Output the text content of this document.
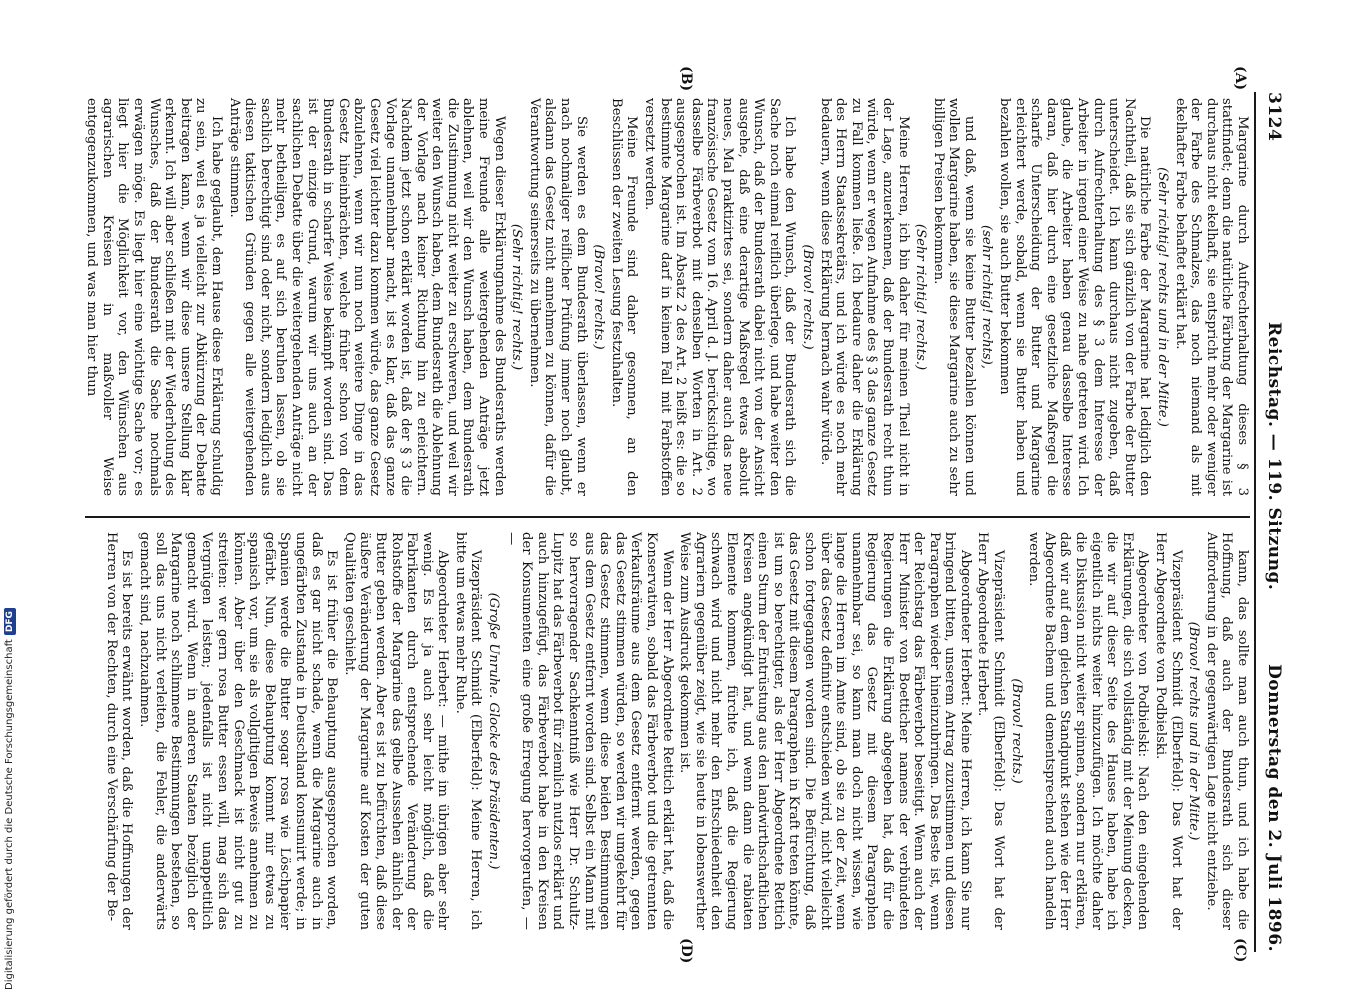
3124
Reichstag. — 119. Sitzung.
Donnerstag den 2. Juli 1896.
(A)
(B)
(C)
(D)

Margarine durch Aufrechterhaltung dieses § 3 stattfindet; denn die natürliche Färbung der Margarine ist durchaus nicht ekelhaft, sie entspricht mehr oder weniger der Farbe des Schmalzes, das noch niemand als mit ekelhafter Farbe behaftet erklärt hat.

(Sehr richtig! rechts und in der Mitte.)

Die natürliche Farbe der Margarine hat lediglich den Nachtheil, daß sie sich gänzlich von der Farbe der Butter unterscheidet. Ich kann durchaus nicht zugeben, daß durch Aufrechterhaltung des § 3 dem Interesse der Arbeiter in irgend einer Weise zu nahe getreten wird. Ich glaube, die Arbeiter haben genau dasselbe Interesse daran, daß hier durch eine gesetzliche Maßregel die scharfe Unterscheidung der Butter und Margarine erleichtert werde, sobald, wenn sie Butter haben und bezahlen wollen, sie auch Butter bekommen

(sehr richtig! rechts),

und daß, wenn sie keine Butter bezahlen können und wollen Margarine haben, sie diese Margarine auch zu sehr billigen Preisen bekommen.

(Sehr richtig! rechts.)

Meine Herren, ich bin daher für meinen Theil nicht in der Lage, anzuerkennen, daß der Bundesrath recht thun würde, wenn er wegen Aufnahme des § 3 das ganze Gesetz zu Fall kommen ließe. Ich bedaure daher die Erklärung des Herrn Staatssekretärs, und ich würde es noch mehr bedauern, wenn diese Erklärung hernach wahr würde.

(Bravo! rechts.)

Ich habe den Wunsch, daß der Bundesrath sich die Sache noch einmal reiflich überlege, und habe weiter den Wunsch, daß der Bundesrath dabei nicht von der Ansicht ausgehe, daß eine derartige Maßregel etwas absolut neues, Mal praktizirtes sei, sondern daher auch das neue französische Gesetz vom 16. April d. J. berücksichtige, wo dasselbe Färbeverbot mit denselben Worten in Art. 2 ausgesprochen ist. Im Absatz 2 des Art. 2 heißt es: die so bestimmte Margarine darf in keinem Fall mit Farbstoffen versetzt werden.

Meine Freunde sind daher gesonnen, an den Beschlüssen der zweiten Lesung festzuhalten.

(Bravo! rechts.)

Sie werden es dem Bundesrath überlassen, wenn er nach nochmaliger reiflicher Prüfung immer noch glaubt, alsdann das Gesetz nicht annehmen zu können, dafür die Verantwortung seinerseits zu übernehmen.

(Sehr richtig! rechts.)

Wegen dieser Erklärungnahme des Bundesraths werden meine Freunde alle weitergehenden Anträge jetzt ablehnen, weil wir den Wunsch haben, dem Bundesrath die Zustimmung nicht weiter zu erschweren, und weil wir weiter den Wunsch haben, dem Bundesrath die Ablehnung der Vorlage nach keiner Richtung hin zu erleichtern. Nachdem jetzt schon erklärt worden ist, daß der § 3 die Vorlage unannehmbar macht, ist es klar, daß das ganze Gesetz viel leichter dazu kommen würde, das ganze Gesetz abzulehnen, wenn wir nun noch weitere Dinge in das Gesetz hineinbrächten, welche früher schon von dem Bundesrath in scharfer Weise bekämpft worden sind. Das ist der einzige Grund, warum wir uns auch an der sachlichen Debatte über die weitergehenden Anträge nicht mehr betheiligen, es auf sich beruhen lassen, ob sie sachlich berechtigt sind oder nicht, sondern lediglich aus diesen taktischen Gründen gegen alle weitergehenden Anträge stimmen.

Ich habe geglaubt, dem Hause diese Erklärung schuldig zu sein, weil es ja vielleicht zur Abkürzung der Debatte beitragen kann, wenn wir diese unsere Stellung klar erkennt. Ich will aber schließen mit der Wiederholung des Wunsches, daß der Bundesrath die Sache nochmals erwägen möge. Es liegt hier eine wichtige Sache vor; es liegt hier die Möglichkeit vor, den Wünschen aus agrarischen Kreisen in maßvoller Weise entgegenzukommen, und was man hier thun

kann, das sollte man auch thun, und ich habe die Hoffnung, daß auch der Bundesrath sich dieser Aufforderung in der gegenwärtigen Lage nicht entziehe.

(Bravo! rechts und in der Mitte.)

Vizepräsident Schmidt (Elberfeld): Das Wort hat der Herr Abgeordnete von Podbielski.

Abgeordneter von Podbielski: Nach den eingehenden Erklärungen, die sich vollständig mit der Meinung decken, die wir auf dieser Seite des Hauses haben, habe ich eigentlich nichts weiter hinzuzufügen. Ich möchte daher die Diskussion nicht weiter spinnen, sondern nur erklären, daß wir auf dem gleichen Standpunkt stehen wie der Herr Abgeordnete Bachem und dementsprechend auch handeln werden.

(Bravo! rechts.)

Vizepräsident Schmidt (Elberfeld): Das Wort hat der Herr Abgeordnete Herbert.

Abgeordneter Herbert: Meine Herren, ich kann Sie nur bringend bitten, unserem Antrag zuzustimmen und diesen Paragraphen wieder hineinzubringen. Das Beste ist, wenn der Reichstag das Färbeverbot beseitigt. Wenn auch der Herr Minister von Boetticher namens der verbündeten Regierungen die Erklärung abgegeben hat, daß für die Regierung das Gesetz mit diesem Paragraphen unannehmbar sei, so kann man doch nicht wissen, wie lange die Herren im Amte sind, ob sie zu der Zeit, wenn über das Gesetz definitiv entschieden wird, nicht vielleicht schon fortgegangen worden sind. Die Befürchtung, daß das Gesetz mit diesem Paragraphen in Kraft treten könnte, ist um so berechtigter, als der Herr Abgeordnete Rettich einen Sturm der Entrüstung aus den landwirthschaftlichen Kreisen angekündigt hat, und wenn dann die rabiaten Elemente kommen, fürchte ich, daß die Regierung schwach wird und nicht mehr den Entschiedenheit den Agrariern gegenüber zeigt, wie sie heute in lobenswerther Weise zum Ausdruck gekommen ist.

Wenn der Herr Abgeordnete Rettich erklärt hat, daß die Konservativen, sobald das Färbeverbot und die getrennten Verkaufsräume aus dem Gesetz entfernt werden, gegen das Gesetz stimmen würden, so werden wir umgekehrt für das Gesetz stimmen, wenn diese beiden Bestimmungen aus dem Gesetz entfernt worden sind. Selbst ein Mann mit so hervorragender Sachkenntniß wie Herr Dr. Schultz-Lupitz hat das Färbeverbot für ziemlich nutzlos erklärt und auch hinzugefügt, das Färbeverbot habe in den Kreisen der Konsumenten eine große Erregung hervorgerufen, — —

(Große Unruhe. Glocke des Präsidenten.)

Vizepräsident Schmidt (Elberfeld): Meine Herren, ich bitte um etwas mehr Ruhe.

Abgeordneter Herbert: — mithe im übrigen aber sehr wenig. Es ist ja auch sehr leicht möglich, daß die Fabrikanten durch entsprechende Veränderung der Rohstoffe der Margarine das gelbe Aussehen ähnlich der Butter geben werden. Aber es ist zu befürchten, daß diese äußere Veränderung der Margarine auf Kosten der guten Qualitäten geschieht.

Es ist früher die Behauptung ausgesprochen worden, daß es gar nicht schade, wenn die Margarine auch in ungefärbten Zustande in Deutschland konsumirt werde; in Spanien werde die Butter sogar rosa wie Löschpapier gefärbt. Nun, diese Behauptung kommt mir etwas zu spanisch vor, um sie als vollgiltigen Beweis annehmen zu können. Aber über den Geschmack ist nicht gut zu streiten: wer gern rosa Butter essen will, mag sich das Vergnügen leisten; jedenfalls ist nicht unappetitlich gemacht wird. Wenn in anderen Staaten bezüglich der Margarine noch schlimmere Bestimmungen bestehen, so soll das uns nicht verleiten, die Fehler, die anderwärts gemacht sind, nachzuahmen.

Es ist bereits erwähnt worden, daß die Hoffnungen der Herren von der Rechten, durch eine Verschärfung der Be-

Digitalisierung gefördert durch die Deutsche ForschungsgemeinschaftDFG
